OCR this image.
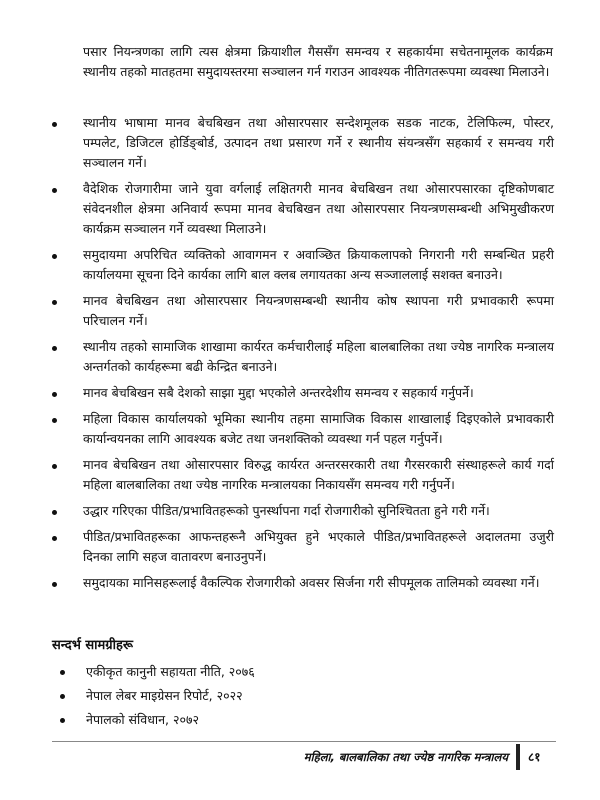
पसार नियन्त्रणका लागि त्यस क्षेत्रमा क्रियाशील गैससँग समन्वय र सहकार्यमा सचेतनामूलक कार्यक्रम स्थानीय तहको मातहतमा समुदायस्तरमा सञ्चालन गर्न गराउन आवश्यक नीतिगतरूपमा व्यवस्था मिलाउने।

स्थानीय भाषामा मानव बेचबिखन तथा ओसारपसार सन्देशमूलक सडक नाटक, टेलिफिल्म, पोस्टर, पम्पलेट, डिजिटल होर्डिङ्बोर्ड, उत्पादन तथा प्रसारण गर्ने र स्थानीय संयन्त्रसँग सहकार्य र समन्वय गरी सञ्चालन गर्ने।
वैदेशिक रोजगारीमा जाने युवा वर्गलाई लक्षितगरी मानव बेचबिखन तथा ओसारपसारका दृष्टिकोणबाट संवेदनशील क्षेत्रमा अनिवार्य रूपमा मानव बेचबिखन तथा ओसारपसार नियन्त्रणसम्बन्धी अभिमुखीकरण कार्यक्रम सञ्चालन गर्ने व्यवस्था मिलाउने।
समुदायमा अपरिचित व्यक्तिको आवागमन र अवाञ्छित क्रियाकलापको निगरानी गरी सम्बन्धित प्रहरी कार्यालयमा सूचना दिने कार्यका लागि बाल क्लब लगायतका अन्य सञ्जाललाई सशक्त बनाउने।
मानव बेचबिखन तथा ओसारपसार नियन्त्रणसम्बन्धी स्थानीय कोष स्थापना गरी प्रभावकारी रूपमा परिचालन गर्ने।
स्थानीय तहको सामाजिक शाखामा कार्यरत कर्मचारीलाई महिला बालबालिका तथा ज्येष्ठ नागरिक मन्त्रालय अन्तर्गतको कार्यहरूमा बढी केन्द्रित बनाउने।
मानव बेचबिखन सबै देशको साझा मुद्दा भएकोले अन्तरदेशीय समन्वय र सहकार्य गर्नुपर्ने।
महिला विकास कार्यालयको भूमिका स्थानीय तहमा सामाजिक विकास शाखालाई दिइएकोले प्रभावकारी कार्यान्वयनका लागि आवश्यक बजेट तथा जनशक्तिको व्यवस्था गर्न पहल गर्नुपर्ने।
मानव बेचबिखन तथा ओसारपसार विरुद्ध कार्यरत अन्तरसरकारी तथा गैरसरकारी संस्थाहरूले कार्य गर्दा महिला बालबालिका तथा ज्येष्ठ नागरिक मन्त्रालयका निकायसँग समन्वय गरी गर्नुपर्ने।
उद्धार गरिएका पीडित/प्रभावितहरूको पुनर्स्थापना गर्दा रोजगारीको सुनिश्चितता हुने गरी गर्ने।
पीडित/प्रभावितहरूका आफन्तहरूनै अभियुक्त हुने भएकाले पीडित/प्रभावितहरूले अदालतमा उजुरी दिनका लागि सहज वातावरण बनाउनुपर्ने।
समुदायका मानिसहरूलाई वैकल्पिक रोजगारीको अवसर सिर्जना गरी सीपमूलक तालिमको व्यवस्था गर्ने।
सन्दर्भ सामग्रीहरू
एकीकृत कानुनी सहायता नीति, २०७६
नेपाल लेबर माइग्रेसन रिपोर्ट, २०२२
नेपालको संविधान, २०७२
महिला, बालबालिका तथा ज्येष्ठ नागरिक मन्त्रालय ८१
